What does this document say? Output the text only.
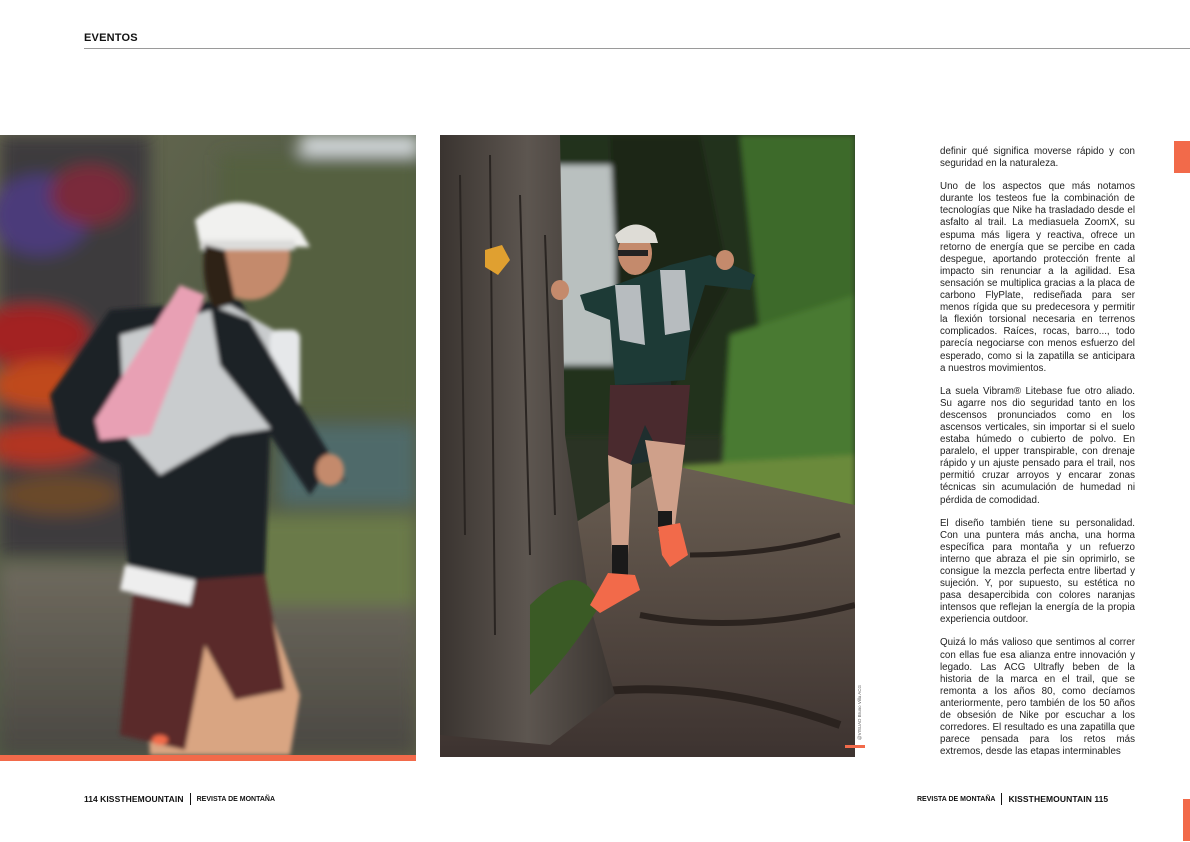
EVENTOS
@VISUAD Bruno Villa ACG

definir qué significa moverse rápido y con seguridad en la naturaleza.

Uno de los aspectos que más notamos durante los testeos fue la combinación de tecnologías que Nike ha trasladado desde el asfalto al trail. La mediasuela ZoomX, su espuma más ligera y reactiva, ofrece un retorno de energía que se percibe en cada despegue, aportando protección frente al impacto sin renunciar a la agilidad. Esa sensación se multiplica gracias a la placa de carbono FlyPlate, rediseñada para ser menos rígida que su predecesora y permitir la flexión torsional necesaria en terrenos complicados. Raíces, rocas, barro..., todo parecía negociarse con menos esfuerzo del esperado, como si la zapatilla se anticipara a nuestros movimientos.

La suela Vibram® Litebase fue otro aliado. Su agarre nos dio seguridad tanto en los descensos pronunciados como en los ascensos verticales, sin importar si el suelo estaba húmedo o cubierto de polvo. En paralelo, el upper transpirable, con drenaje rápido y un ajuste pensado para el trail, nos permitió cruzar arroyos y encarar zonas técnicas sin acumulación de humedad ni pérdida de comodidad.

El diseño también tiene su personalidad. Con una puntera más ancha, una horma específica para montaña y un refuerzo interno que abraza el pie sin oprimirlo, se consigue la mezcla perfecta entre libertad y sujeción. Y, por supuesto, su estética no pasa desapercibida con colores naranjas intensos que reflejan la energía de la propia experiencia outdoor.

Quizá lo más valioso que sentimos al correr con ellas fue esa alianza entre innovación y legado. Las ACG Ultrafly beben de la historia de la marca en el trail, que se remonta a los años 80, como decíamos anteriormente, pero también de los 50 años de obsesión de Nike por escuchar a los corredores. El resultado es una zapatilla que parece pensada para los retos más extremos, desde las etapas interminables

114
KISSTHEMOUNTAIN REVISTA DE MONTAÑA	REVISTA DE MONTAÑA KISSTHEMOUNTAIN
115
